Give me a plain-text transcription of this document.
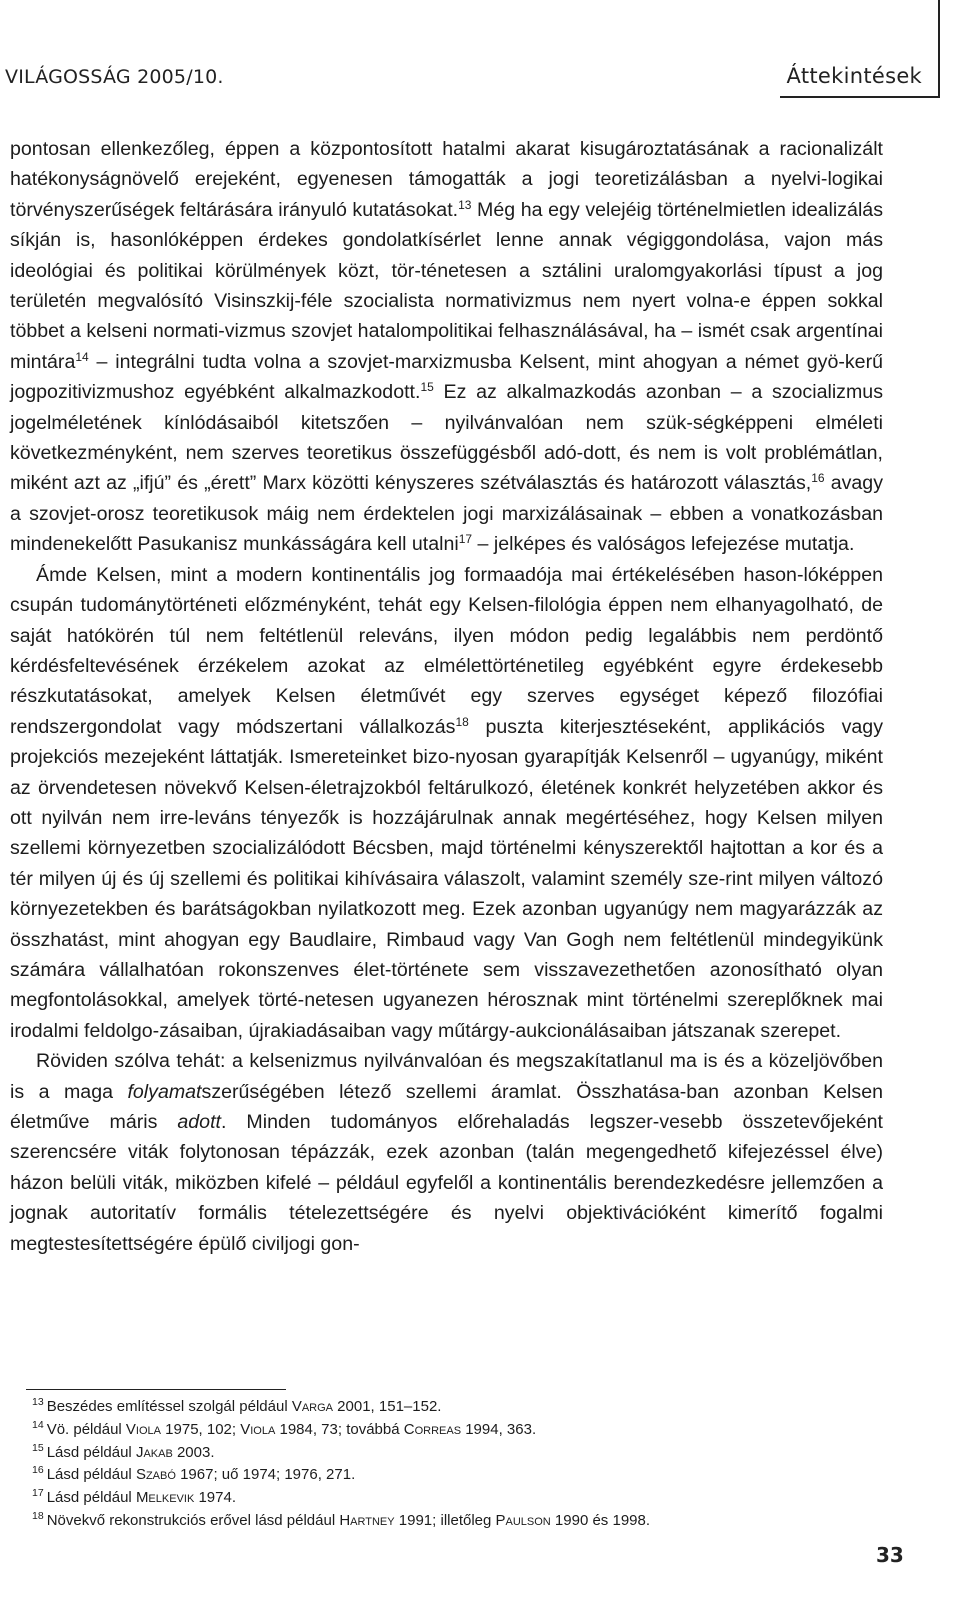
VILÁGOSSÁG 2005/10.	Áttekintések

pontosan ellenkezőleg, éppen a központosított hatalmi akarat kisugároztatásának a racionalizált hatékonyságnövelő erejeként, egyenesen támogatták a jogi teoretizálásban a nyelvi-logikai törvényszerűségek feltárására irányuló kutatásokat.$^{13}$ Még ha egy velejéig történelmietlen idealizálás síkján is, hasonlóképpen érdekes gondolatkísérlet lenne annak végiggondolása, vajon más ideológiai és politikai körülmények közt, tör-ténetesen a sztálini uralomgyakorlási típust a jog területén megvalósító Visinszkij-féle szocialista normativizmus nem nyert volna-e éppen sokkal többet a kelseni normati-vizmus szovjet hatalompolitikai felhasználásával, ha – ismét csak argentínai mintára$^{14}$ – integrálni tudta volna a szovjet-marxizmusba Kelsent, mint ahogyan a német gyö-kerű jogpozitivizmushoz egyébként alkalmazkodott.$^{15}$ Ez az alkalmazkodás azonban – a szocializmus jogelméletének kínlódásaiból kitetszően – nyilvánvalóan nem szük-ségképpeni elméleti következményként, nem szerves teoretikus összefüggésből adó-dott, és nem is volt problémátlan, miként azt az „ifjú” és „érett” Marx közötti kényszeres szétválasztás és határozott választás,$^{16}$ avagy a szovjet-orosz teoretikusok máig nem érdektelen jogi marxizálásainak – ebben a vonatkozásban mindenekelőtt Pasukanisz munkásságára kell utalni$^{17}$ – jelképes és valóságos lefejezése mutatja.

Ámde Kelsen, mint a modern kontinentális jog formaadója mai értékelésében hason-lóképpen csupán tudománytörténeti előzményként, tehát egy Kelsen-filológia éppen nem elhanyagolható, de saját hatókörén túl nem feltétlenül releváns, ilyen módon pedig legalábbis nem perdöntő kérdésfeltevésének érzékelem azokat az elmélettörténetileg egyébként egyre érdekesebb részkutatásokat, amelyek Kelsen életművét egy szerves egységet képező filozófiai rendszergondolat vagy módszertani vállalkozás$^{18}$ puszta kiterjesztéseként, applikációs vagy projekciós mezejeként láttatják. Ismereteinket bizo-nyosan gyarapítják Kelsenről – ugyanúgy, miként az örvendetesen növekvő Kelsen-életrajzokból feltárulkozó, életének konkrét helyzetében akkor és ott nyilván nem irre-leváns tényezők is hozzájárulnak annak megértéséhez, hogy Kelsen milyen szellemi környezetben szocializálódott Bécsben, majd történelmi kényszerektől hajtottan a kor és a tér milyen új és új szellemi és politikai kihívásaira válaszolt, valamint személy sze-rint milyen változó környezetekben és barátságokban nyilatkozott meg. Ezek azonban ugyanúgy nem magyarázzák az összhatást, mint ahogyan egy Baudlaire, Rimbaud vagy Van Gogh nem feltétlenül mindegyikünk számára vállalhatóan rokonszenves élet-története sem visszavezethetően azonosítható olyan megfontolásokkal, amelyek törté-netesen ugyanezen hérosznak mint történelmi szereplőknek mai irodalmi feldolgo-zásaiban, újrakiadásaiban vagy műtárgy-aukcionálásaiban játszanak szerepet.

Röviden szólva tehát: a kelsenizmus nyilvánvalóan és megszakítatlanul ma is és a közeljövőben is a maga folyamatszerűségében létező szellemi áramlat. Összhatása-ban azonban Kelsen életműve máris adott. Minden tudományos előrehaladás legszer-vesebb összetevőjeként szerencsére viták folytonosan tépázzák, ezek azonban (talán megengedhető kifejezéssel élve) házon belüli viták, miközben kifelé – például egyfelől a kontinentális berendezkedésre jellemzően a jognak autoritatív formális tételezettségére és nyelvi objektivációként kimerítő fogalmi megtestesítettségére épülő civiljogi gon-

$^{13}$ Beszédes említéssel szolgál például Varga 2001, 151–152.
$^{14}$ Vö. például Viola 1975, 102; Viola 1984, 73; továbbá Correas 1994, 363.
$^{15}$ Lásd például Jakab 2003.
$^{16}$ Lásd például Szabó 1967; uő 1974; 1976, 271.
$^{17}$ Lásd például Melkevik 1974.
$^{18}$ Növekvő rekonstrukciós erővel lásd például Hartney 1991; illetőleg Paulson 1990 és 1998.
33
